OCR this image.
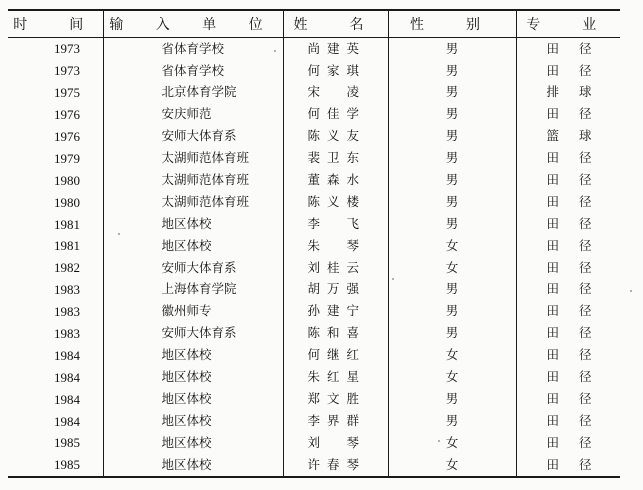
时　间	输 入 单 位	姓　名	性　别	专　业
1973	省体育学校	尚建英	男	田径
1973	省体育学校	何家琪	男	田径
1975	北京体育学院	宋　凌	男	排球
1976	安庆师范	何佳学	男	田径
1976	安师大体育系	陈义友	男	篮球
1979	太湖师范体育班	裴卫东	男	田径
1980	太湖师范体育班	董森水	男	田径
1980	太湖师范体育班	陈义楼	男	田径
1981	地区体校	李　飞	男	田径
1981	地区体校	朱　琴	女	田径
1982	安师大体育系	刘桂云	女	田径
1983	上海体育学院	胡万强	男	田径
1983	徽州师专	孙建宁	男	田径
1983	安师大体育系	陈和喜	男	田径
1984	地区体校	何继红	女	田径
1984	地区体校	朱红星	女	田径
1984	地区体校	郑文胜	男	田径
1984	地区体校	李界群	男	田径
1985	地区体校	刘　琴	女	田径
1985	地区体校	许春琴	女	田径
